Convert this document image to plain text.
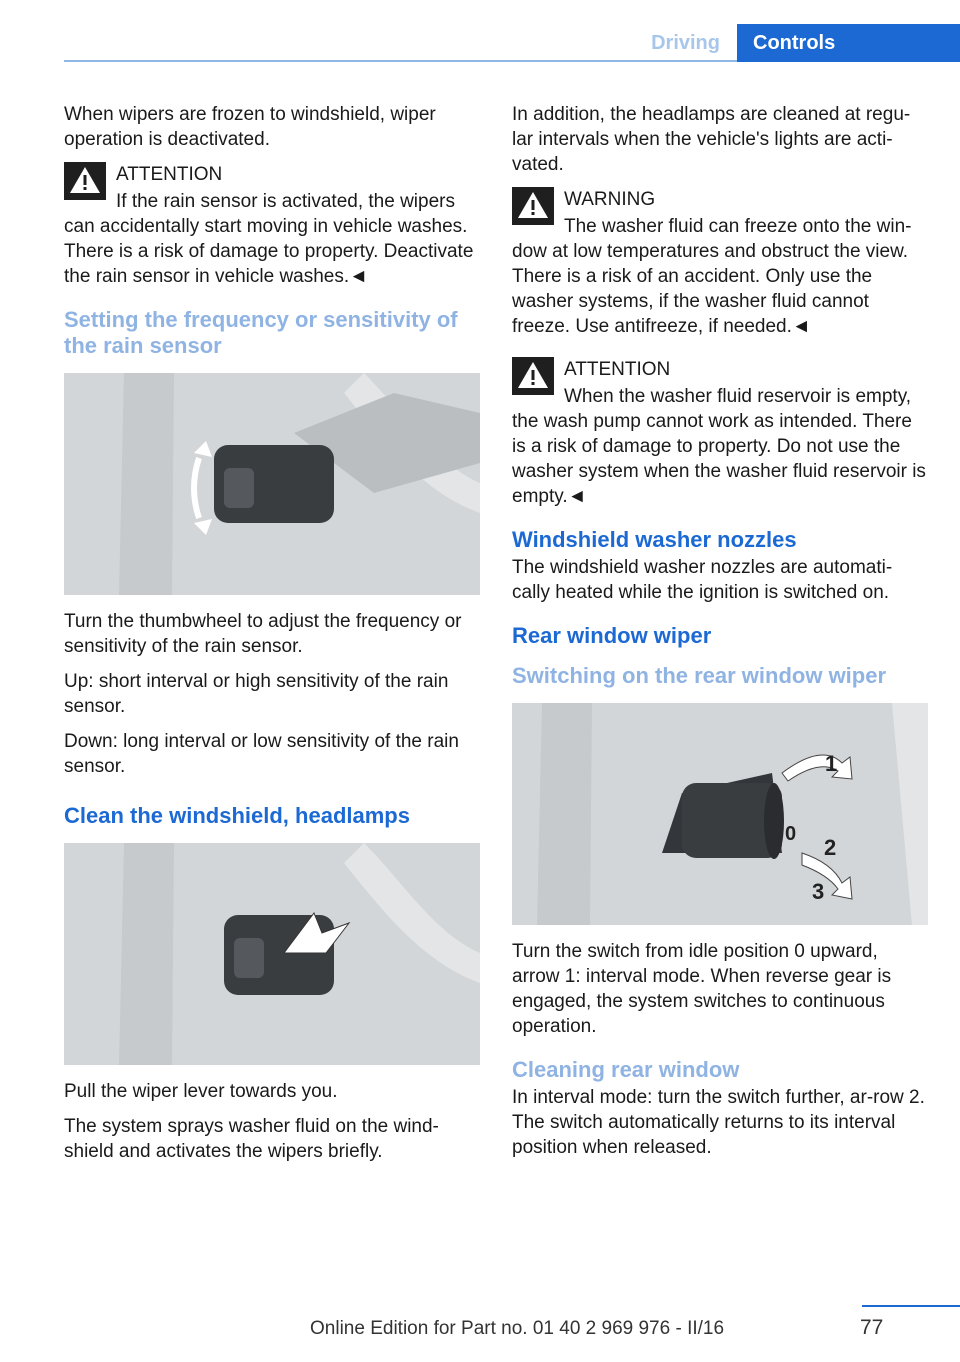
Driving	Controls

When wipers are frozen to windshield, wiper operation is deactivated.

ATTENTION
If the rain sensor is activated, the wipers can accidentally start moving in vehicle washes. There is a risk of damage to property. Deactivate the rain sensor in vehicle washes.◄
Setting the frequency or sensitivity of the rain sensor

Turn the thumbwheel to adjust the frequency or sensitivity of the rain sensor.

Up: short interval or high sensitivity of the rain sensor.

Down: long interval or low sensitivity of the rain sensor.

Clean the windshield, headlamps

Pull the wiper lever towards you.

The system sprays washer fluid on the wind-shield and activates the wipers briefly.

In addition, the headlamps are cleaned at regu-lar intervals when the vehicle's lights are acti-vated.

WARNING
The washer fluid can freeze onto the win-dow at low temperatures and obstruct the view. There is a risk of an accident. Only use the washer systems, if the washer fluid cannot freeze. Use antifreeze, if needed.◄
ATTENTION
When the washer fluid reservoir is empty, the wash pump cannot work as intended. There is a risk of damage to property. Do not use the washer system when the washer fluid reservoir is empty.◄
Windshield washer nozzles

The windshield washer nozzles are automati-cally heated while the ignition is switched on.

Rear window wiper
Switching on the rear window wiper
1
0
2
3

Turn the switch from idle position 0 upward, arrow 1: interval mode. When reverse gear is engaged, the system switches to continuous operation.

Cleaning rear window

In interval mode: turn the switch further, ar-row 2. The switch automatically returns to its interval position when released.

Online Edition for Part no. 01 40 2 969 976 - II/16	77
